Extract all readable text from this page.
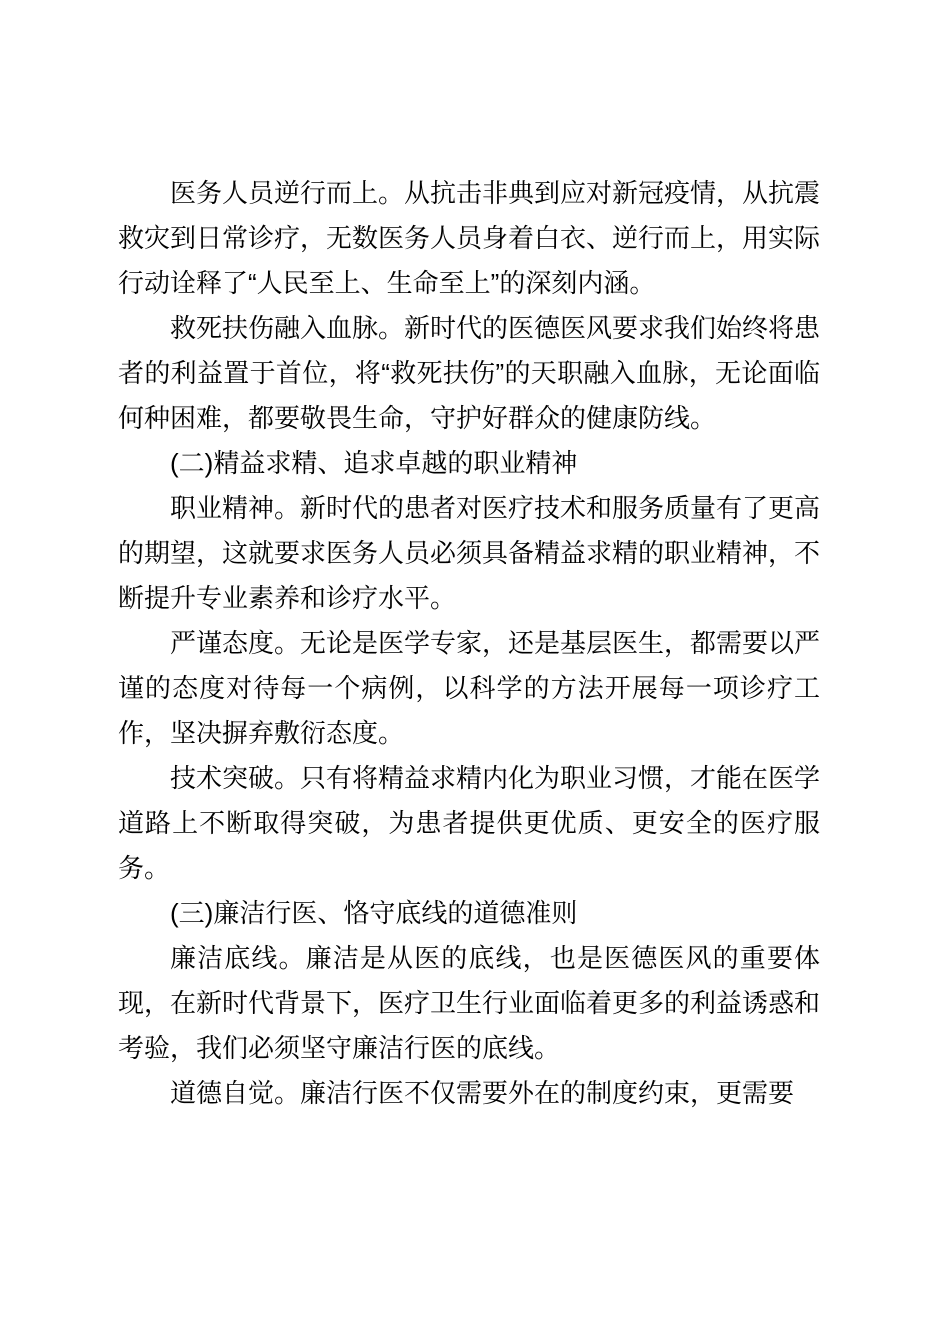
医务人员逆行而上。从抗击非典到应对新冠疫情，从抗震救灾到日常诊疗，无数医务人员身着白衣、逆行而上，用实际行动诠释了“人民至上、生命至上”的深刻内涵。

救死扶伤融入血脉。新时代的医德医风要求我们始终将患者的利益置于首位，将“救死扶伤”的天职融入血脉，无论面临何种困难，都要敬畏生命，守护好群众的健康防线。

(二)精益求精、追求卓越的职业精神

职业精神。新时代的患者对医疗技术和服务质量有了更高的期望，这就要求医务人员必须具备精益求精的职业精神，不断提升专业素养和诊疗水平。

严谨态度。无论是医学专家，还是基层医生，都需要以严谨的态度对待每一个病例，以科学的方法开展每一项诊疗工作，坚决摒弃敷衍态度。

技术突破。只有将精益求精内化为职业习惯，才能在医学道路上不断取得突破，为患者提供更优质、更安全的医疗服务。

(三)廉洁行医、恪守底线的道德准则

廉洁底线。廉洁是从医的底线，也是医德医风的重要体现，在新时代背景下，医疗卫生行业面临着更多的利益诱惑和考验，我们必须坚守廉洁行医的底线。

道德自觉。廉洁行医不仅需要外在的制度约束，更需要
